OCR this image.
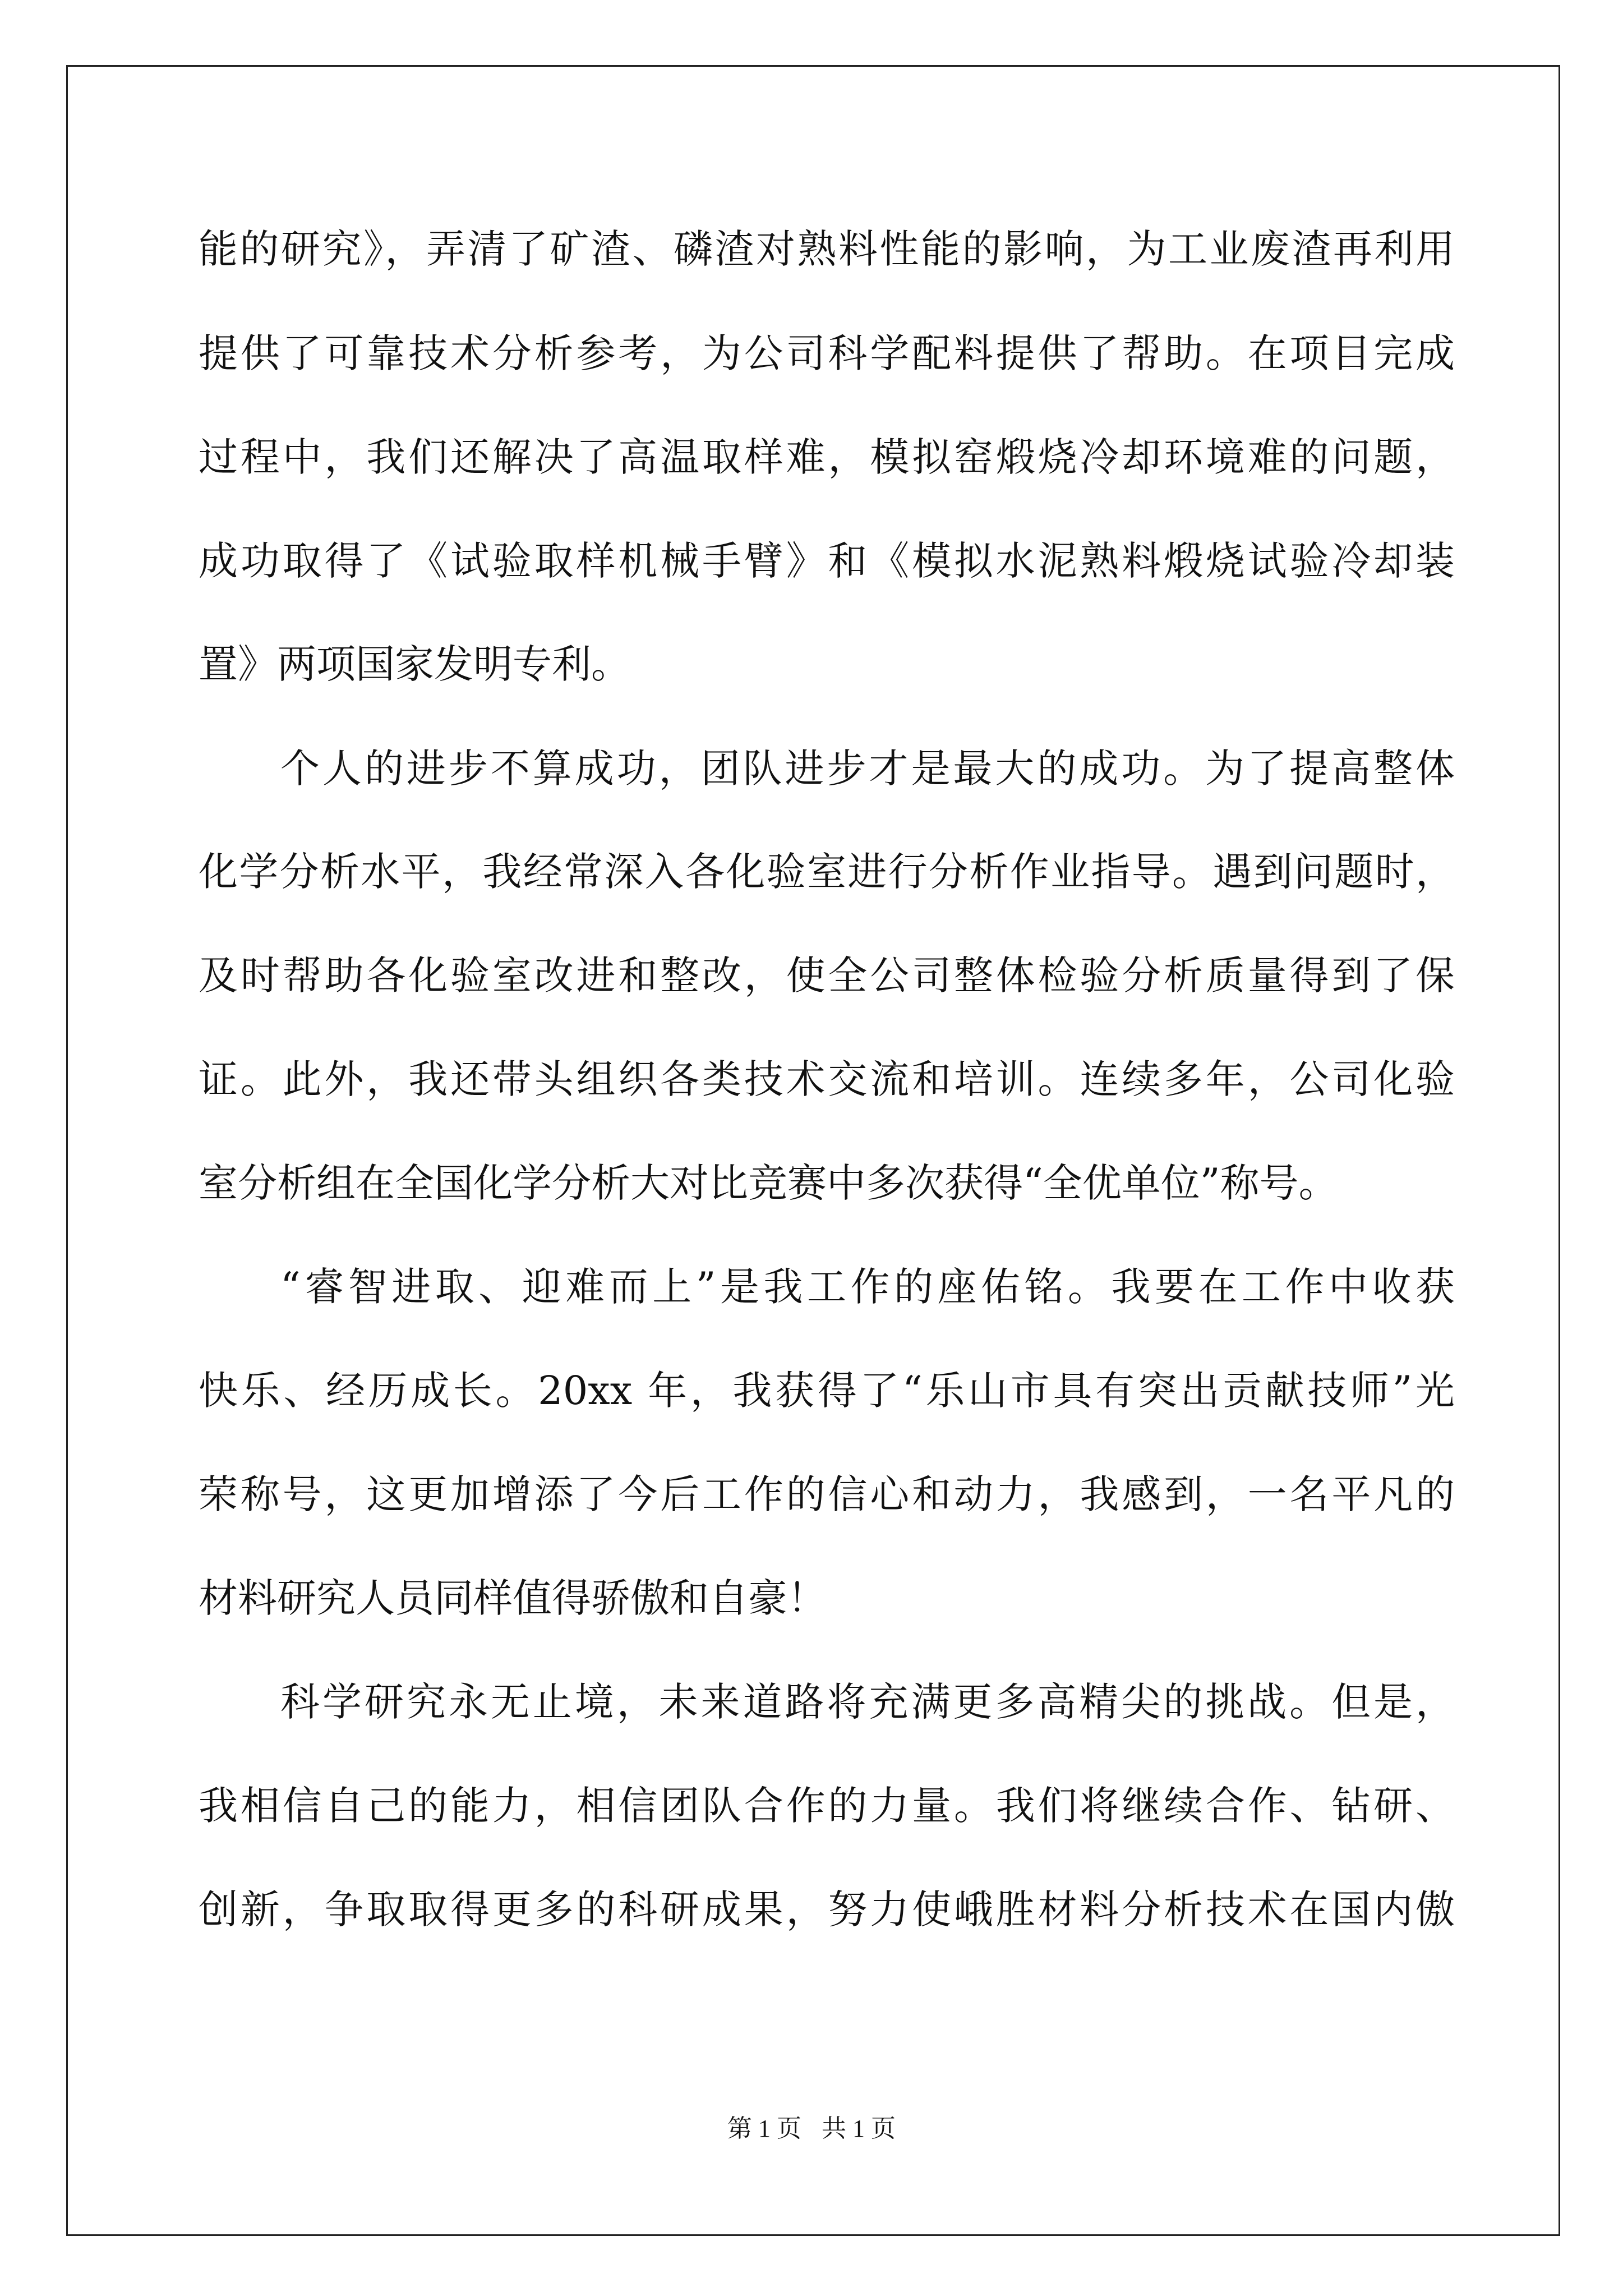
能的研究》，弄清了矿渣、磷渣对熟料性能的影响，为工业废渣再利用

提供了可靠技术分析参考，为公司科学配料提供了帮助。在项目完成

过程中，我们还解决了高温取样难，模拟窑煅烧冷却环境难的问题，

成功取得了《试验取样机械手臂》和《模拟水泥熟料煅烧试验冷却装

置》两项国家发明专利。

个人的进步不算成功，团队进步才是最大的成功。为了提高整体

化学分析水平，我经常深入各化验室进行分析作业指导。遇到问题时，

及时帮助各化验室改进和整改，使全公司整体检验分析质量得到了保

证。此外，我还带头组织各类技术交流和培训。连续多年，公司化验

室分析组在全国化学分析大对比竞赛中多次获得“全优单位”称号。

“睿智进取、迎难而上”是我工作的座佑铭。我要在工作中收获

快乐、经历成长。20xx 年，我获得了“乐山市具有突出贡献技师”光

荣称号，这更加增添了今后工作的信心和动力，我感到，一名平凡的

材料研究人员同样值得骄傲和自豪！

科学研究永无止境，未来道路将充满更多高精尖的挑战。但是，

我相信自己的能力，相信团队合作的力量。我们将继续合作、钻研、

创新，争取取得更多的科研成果，努力使峨胜材料分析技术在国内傲

第 1 页 共 1 页
